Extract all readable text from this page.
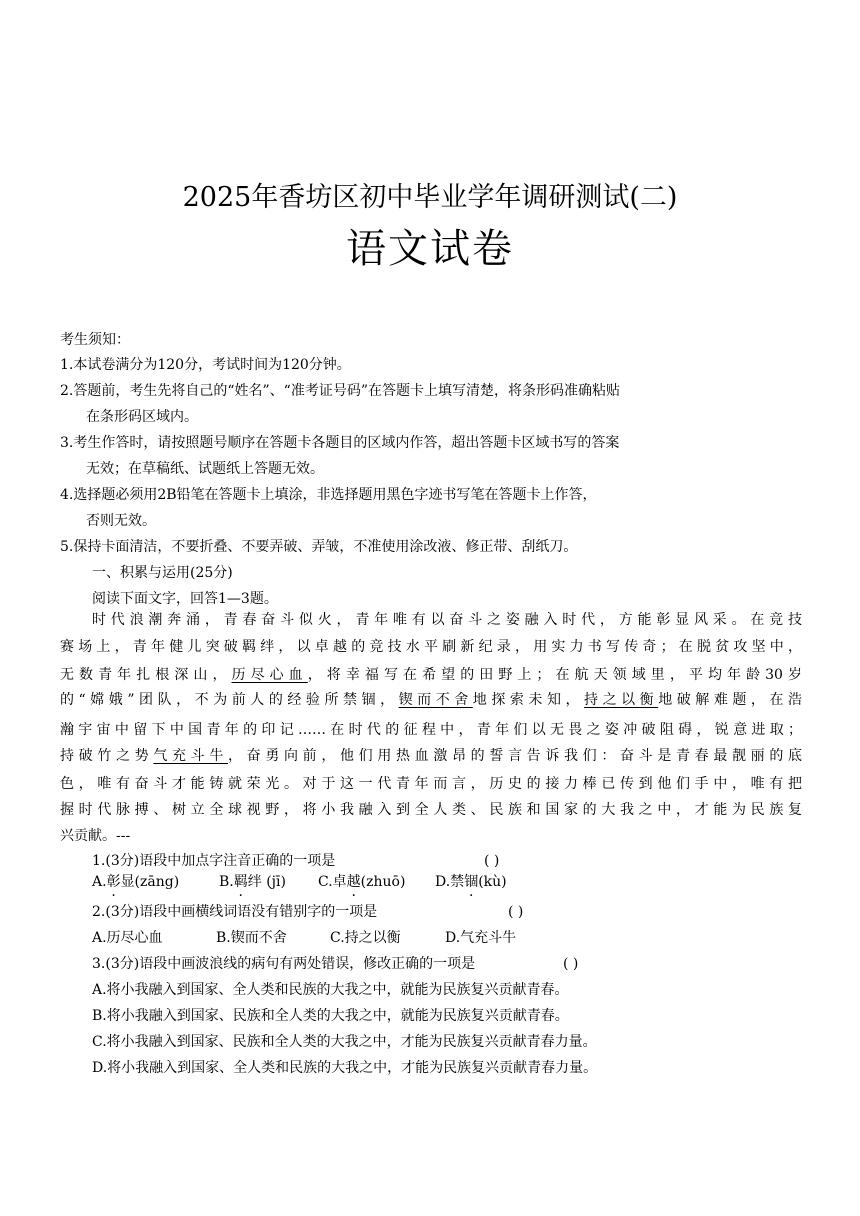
2025年香坊区初中毕业学年调研测试(二)
语文试卷
考生须知：
1.本试卷满分为120分，考试时间为120分钟。
2.答题前，考生先将自己的“姓名”、“准考证号码”在答题卡上填写清楚，将条形码准确粘贴
在条形码区域内。
3.考生作答时，请按照题号顺序在答题卡各题目的区域内作答，超出答题卡区域书写的答案
无效；在草稿纸、试题纸上答题无效。
4.选择题必须用2B铅笔在答题卡上填涂，非选择题用黑色字迹书写笔在答题卡上作答，
否则无效。
5.保持卡面清洁，不要折叠、不要弄破、弄皱，不准使用涂改液、修正带、刮纸刀。
一、积累与运用(25分)
阅读下面文字，回答1—3题。
时代浪潮奔涌，青春奋斗似火，青年唯有以奋斗之姿融入时代，方能彰显风采。在竞技
赛场上，青年健儿突破羁绊，以卓越的竞技水平刷新纪录，用实力书写传奇；在脱贫攻坚中，
无数青年扎根深山，历尽心血，将幸福写在希望的田野上；在航天领域里，平均年龄30岁
的“嫦娥”团队，不为前人的经验所禁锢，锲而不舍地探索未知，持之以衡地破解难题，在浩
瀚宇宙中留下中国青年的印记……在时代的征程中，青年们以无畏之姿冲破阻碍，锐意进取；
持破竹之势气充斗牛，奋勇向前，他们用热血激昂的誓言告诉我们：奋斗是青春最靓丽的底
色，唯有奋斗才能铸就荣光。对于这一代青年而言，历史的接力棒已传到他们手中，唯有把
握时代脉搏、树立全球视野，将小我融入到全人类、民族和国家的大我之中，才能为民族复
兴贡献。---
1.(3分)语段中加点字注音正确的一项是	( )
A.彰显(zāng)	B.羁绊 (jī) C.卓越(zhuō) D.禁锢(kù)
2.(3分)语段中画横线词语没有错别字的一项是	( )
A.历尽心血	B.锲而不舍	C.持之以衡	D.气充斗牛
3.(3分)语段中画波浪线的病句有两处错误，修改正确的一项是	( )
A.将小我融入到国家、全人类和民族的大我之中，就能为民族复兴贡献青春。
B.将小我融入到国家、民族和全人类的大我之中，就能为民族复兴贡献青春。
C.将小我融入到国家、民族和全人类的大我之中，才能为民族复兴贡献青春力量。
D.将小我融入到国家、全人类和民族的大我之中，才能为民族复兴贡献青春力量。
